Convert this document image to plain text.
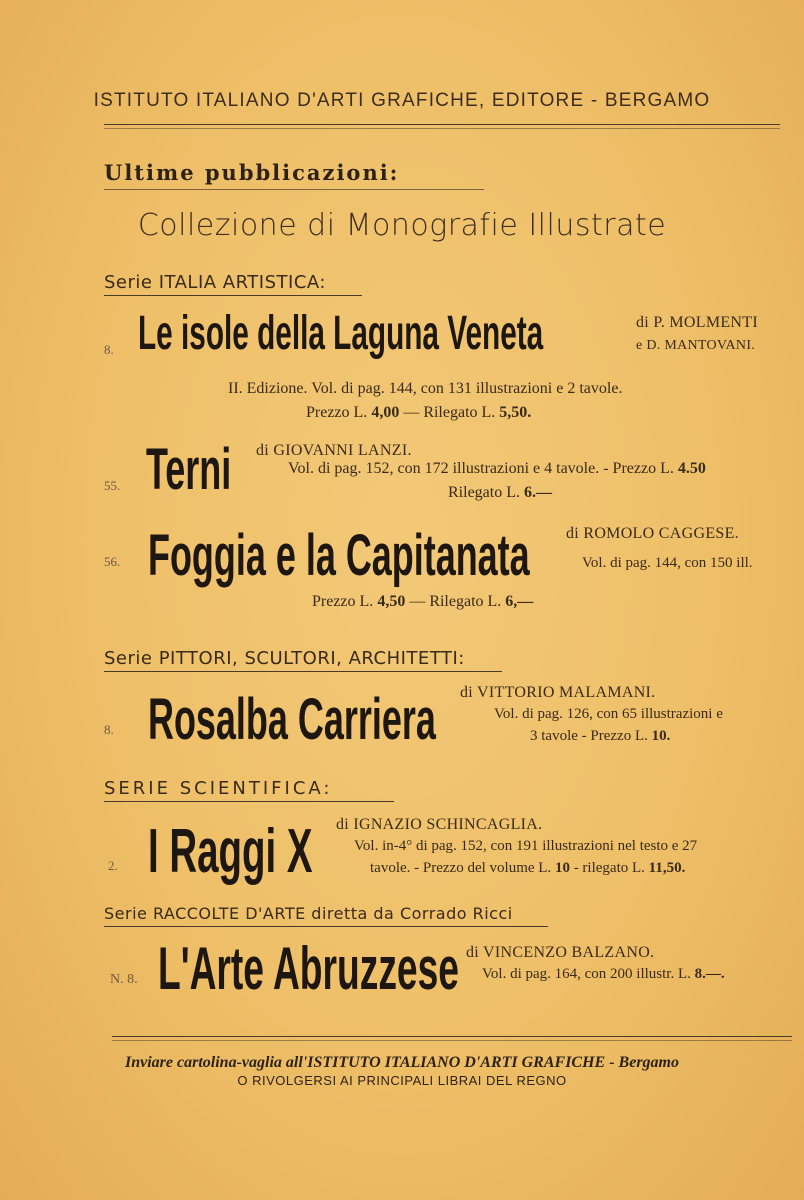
ISTITUTO ITALIANO D'ARTI GRAFICHE, EDITORE - BERGAMO
Ultime pubblicazioni:
Collezione di Monografie Illustrate
Serie ITALIA ARTISTICA:
8. Le isole della Laguna Veneta	di P. MOLMENTI
e D. MANTOVANI.
II. Edizione. Vol. di pag. 144, con 131 illustrazioni e 2 tavole.
Prezzo L. 4,00 — Rilegato L. 5,50.
55. Terni di GIOVANNI LANZI.
Vol. di pag. 152, con 172 illustrazioni e 4 tavole. - Prezzo L. 4.50
Rilegato L. 6.—
56. Foggia e la Capitanata di ROMOLO CAGGESE.
Vol. di pag. 144, con 150 ill.
Prezzo L. 4,50 — Rilegato L. 6,—
Serie PITTORI, SCULTORI, ARCHITETTI:
8. Rosalba Carriera di VITTORIO MALAMANI.
Vol. di pag. 126, con 65 illustrazioni e
3 tavole - Prezzo L. 10.
SERIE SCIENTIFICA:
2. I Raggi X di IGNAZIO SCHINCAGLIA.
Vol. in-4° di pag. 152, con 191 illustrazioni nel testo e 27
tavole. - Prezzo del volume L. 10 - rilegato L. 11,50.
Serie RACCOLTE D'ARTE diretta da Corrado Ricci
N. 8. L'Arte Abruzzese di VINCENZO BALZANO.
Vol. di pag. 164, con 200 illustr. L. 8.—.
Inviare cartolina-vaglia all'ISTITUTO ITALIANO D'ARTI GRAFICHE - Bergamo
O RIVOLGERSI AI PRINCIPALI LIBRAI DEL REGNO
